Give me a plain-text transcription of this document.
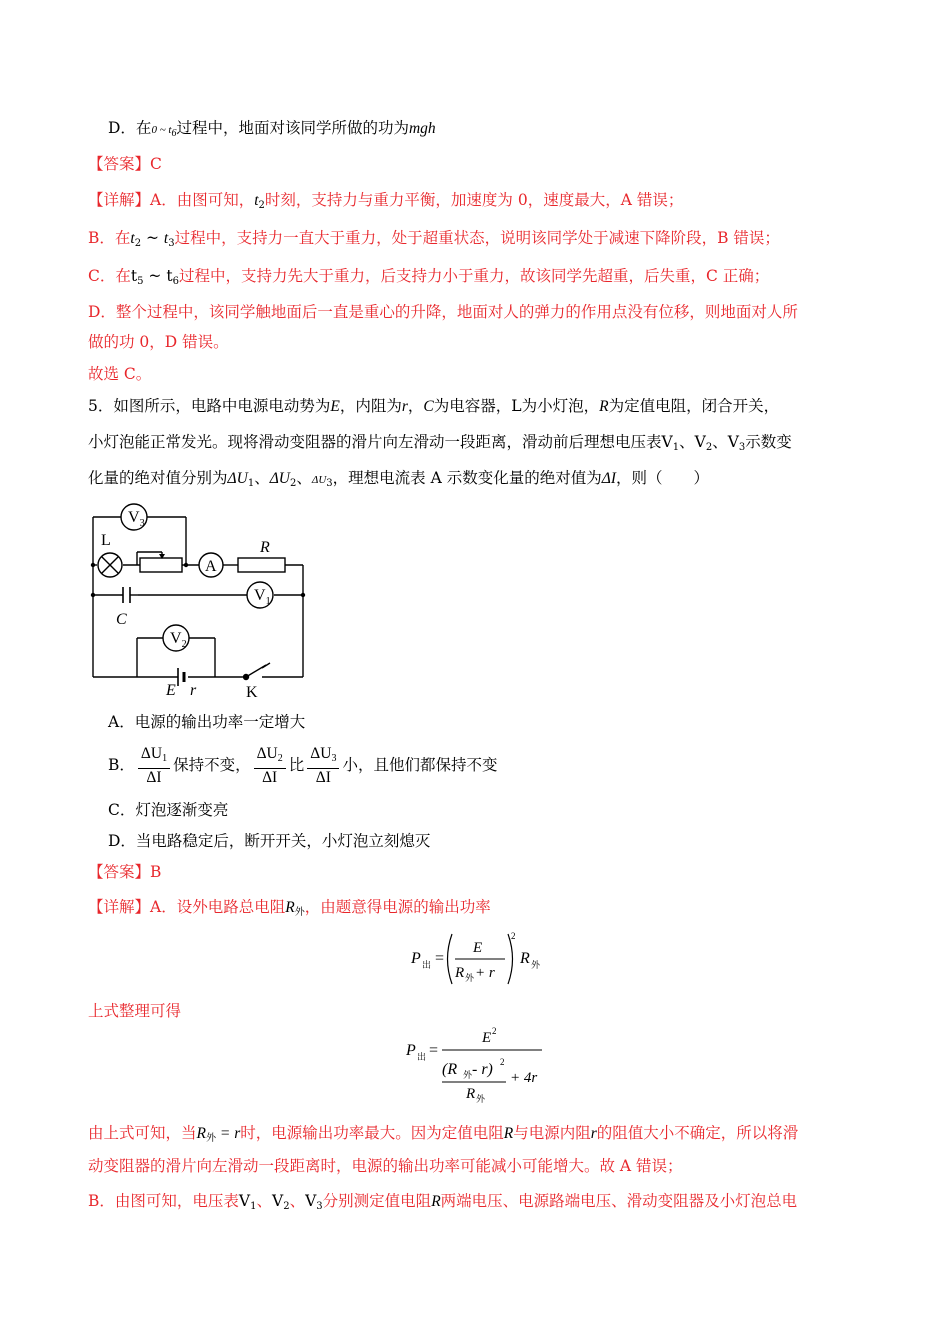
D．在0 ~ $t_6$过程中，地面对该同学所做的功为mgh
【答案】C
【详解】A．由图可知，$t_2$时刻，支持力与重力平衡，加速度为 0，速度最大，A 错误；
B．在$t_2$ ~ $t_3$过程中，支持力一直大于重力，处于超重状态，说明该同学处于减速下降阶段，B 错误；
C．在$t_5$ ~ $t_6$过程中，支持力先大于重力，后支持力小于重力，故该同学先超重，后失重，C 正确；
D．整个过程中，该同学触地面后一直是重心的升降，地面对人的弹力的作用点没有位移，则地面对人所
做的功 0，D 错误。
故选 C。
5．如图所示，电路中电源电动势为E，内阻为r，C为电容器，L为小灯泡，R为定值电阻，闭合开关，
小灯泡能正常发光。现将滑动变阻器的滑片向左滑动一段距离，滑动前后理想电压表$V_1$、$V_2$、$V_3$示数变
化量的绝对值分别为$\Delta U_1$、$\Delta U_2$、$\Delta U_3$，理想电流表 A 示数变化量的绝对值为ΔI，则（　　）
$V_3$
A
$V_1$
$V_2$
L	R
C
E r	K
A．电源的输出功率一定增大
B． $\frac{\Delta U_1}{\Delta I}$ 保持不变， $\frac{\Delta U_2}{\Delta I}$ 比 $\frac{\Delta U_3}{\Delta I}$ 小，且他们都保持不变
C．灯泡逐渐变亮
D．当电路稳定后，断开开关，小灯泡立刻熄灭
【答案】B
【详解】A．设外电路总电阻$R_外$，由题意得电源的输出功率
P 出 =
E
R 外 + r
2
R 外
上式整理可得
P 出 =
E 2
(R 外 - r) 2
+ 4r
R 外
由上式可知，当$R_外 = r$时，电源输出功率最大。因为定值电阻R与电源内阻r的阻值大小不确定，所以将滑
动变阻器的滑片向左滑动一段距离时，电源的输出功率可能减小可能增大。故 A 错误；
B．由图可知，电压表$V_1$、$V_2$、$V_3$分别测定值电阻R两端电压、电源路端电压、滑动变阻器及小灯泡总电
